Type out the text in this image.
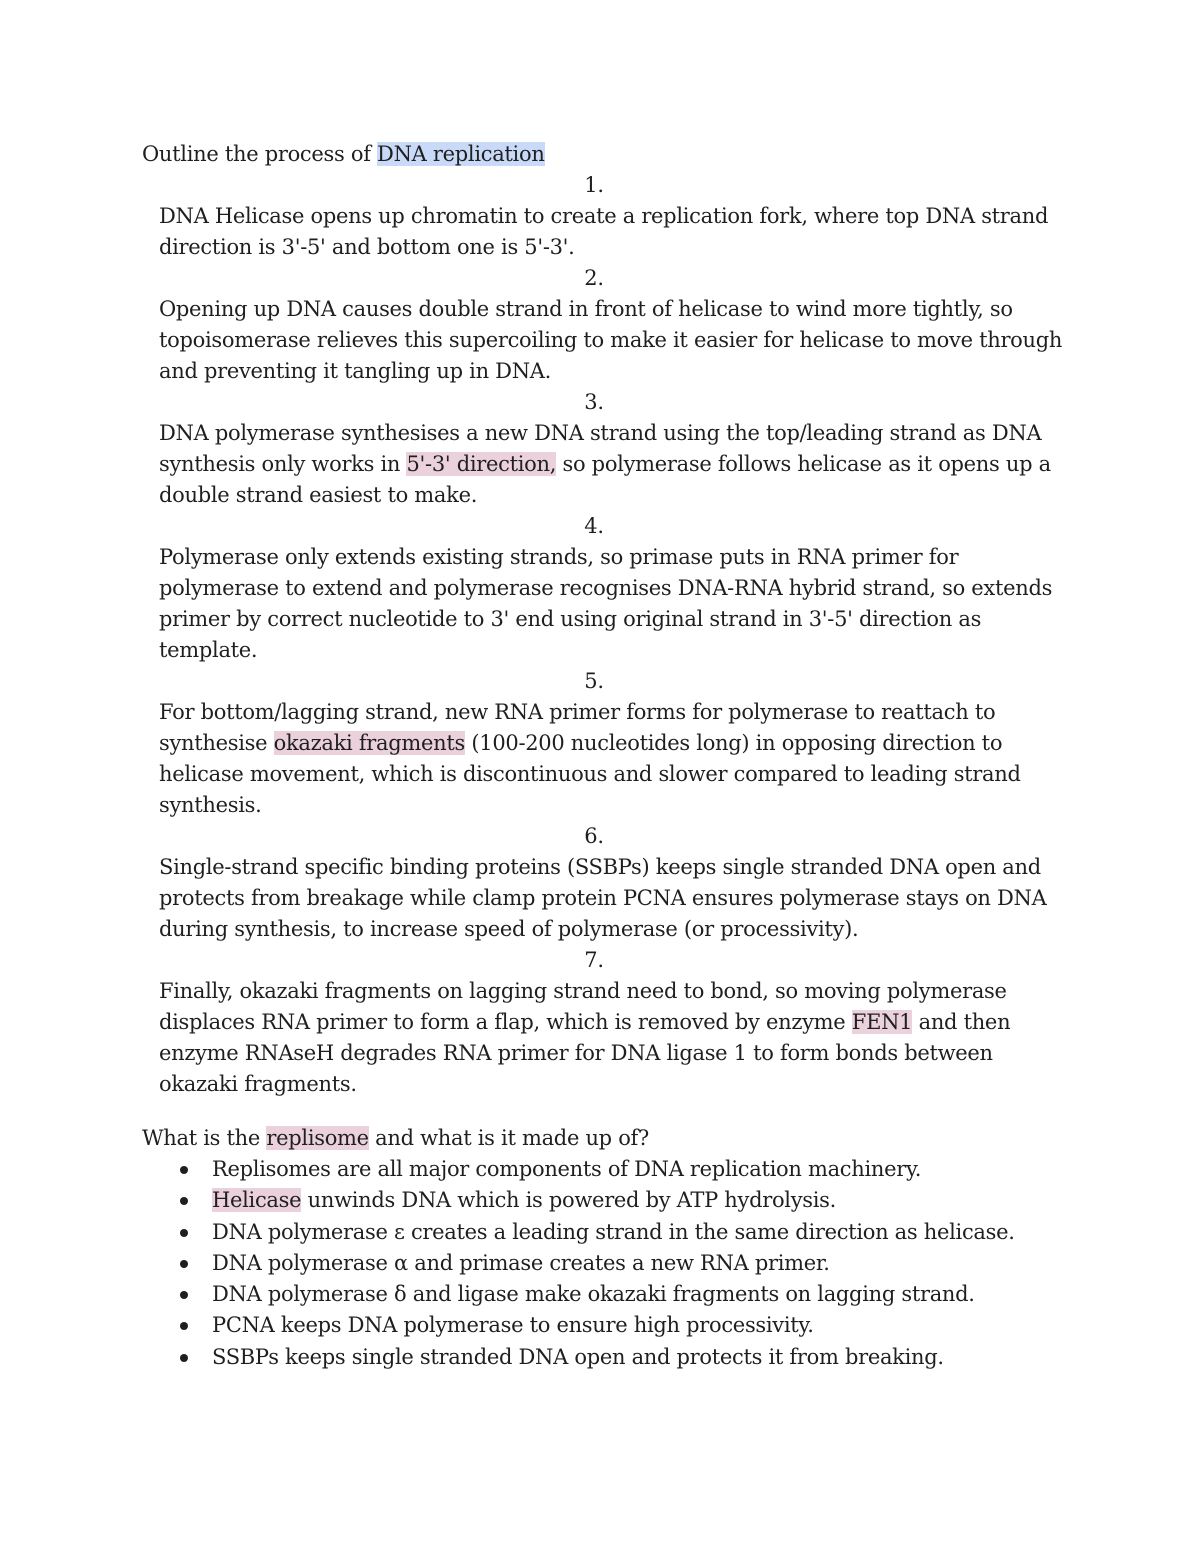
Outline the process of DNA replication
1.
DNA Helicase opens up chromatin to create a replication fork, where top DNA strand
direction is 3'-5' and bottom one is 5'-3'.
2.
Opening up DNA causes double strand in front of helicase to wind more tightly, so
topoisomerase relieves this supercoiling to make it easier for helicase to move through
and preventing it tangling up in DNA.
3.
DNA polymerase synthesises a new DNA strand using the top/leading strand as DNA
synthesis only works in 5'-3' direction, so polymerase follows helicase as it opens up a
double strand easiest to make.
4.
Polymerase only extends existing strands, so primase puts in RNA primer for
polymerase to extend and polymerase recognises DNA-RNA hybrid strand, so extends
primer by correct nucleotide to 3' end using original strand in 3'-5' direction as
template.
5.
For bottom/lagging strand, new RNA primer forms for polymerase to reattach to
synthesise okazaki fragments (100-200 nucleotides long) in opposing direction to
helicase movement, which is discontinuous and slower compared to leading strand
synthesis.
6.
Single-strand specific binding proteins (SSBPs) keeps single stranded DNA open and
protects from breakage while clamp protein PCNA ensures polymerase stays on DNA
during synthesis, to increase speed of polymerase (or processivity).
7.
Finally, okazaki fragments on lagging strand need to bond, so moving polymerase
displaces RNA primer to form a flap, which is removed by enzyme FEN1 and then
enzyme RNAseH degrades RNA primer for DNA ligase 1 to form bonds between
okazaki fragments.
What is the replisome and what is it made up of?
Replisomes are all major components of DNA replication machinery.
Helicase unwinds DNA which is powered by ATP hydrolysis.
DNA polymerase ε creates a leading strand in the same direction as helicase.
DNA polymerase α and primase creates a new RNA primer.
DNA polymerase δ and ligase make okazaki fragments on lagging strand.
PCNA keeps DNA polymerase to ensure high processivity.
SSBPs keeps single stranded DNA open and protects it from breaking.
